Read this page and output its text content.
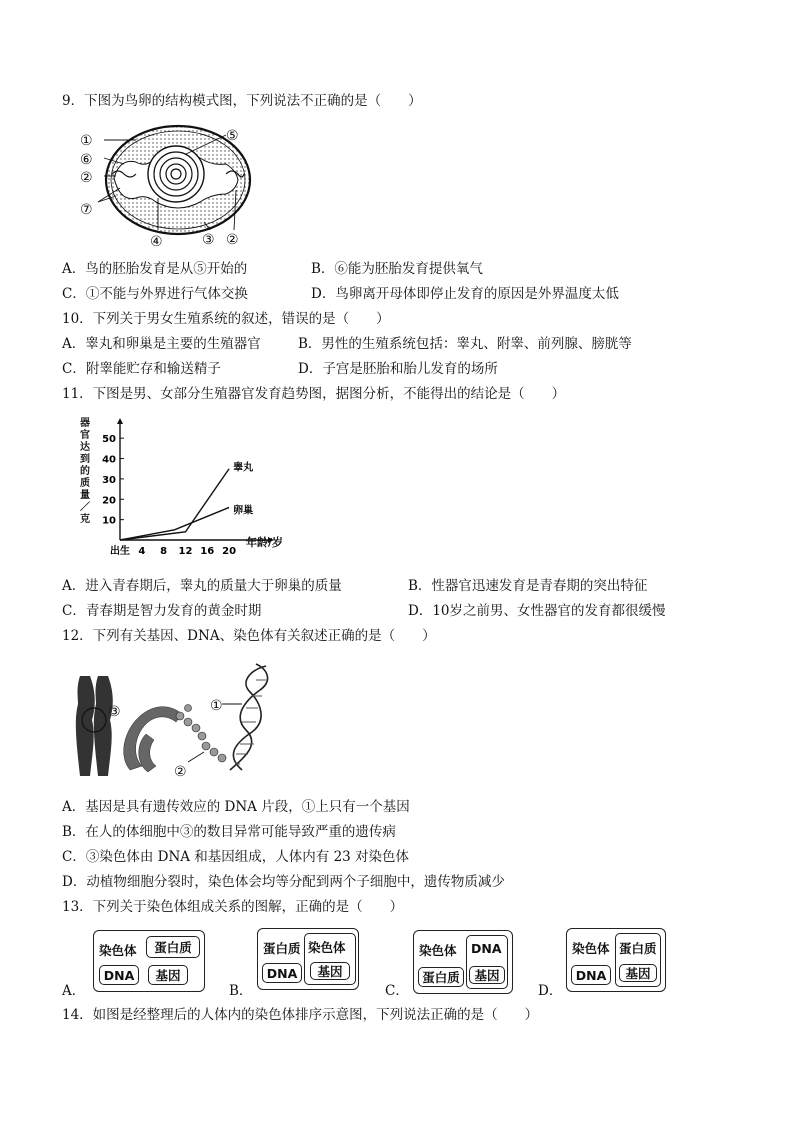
9．下图为鸟卵的结构模式图，下列说法不正确的是（　　）
①
⑥
②
⑦
⑤
④	③ ②
A．鸟的胚胎发育是从⑤开始的	B．⑥能为胚胎发育提供氧气
C．①不能与外界进行气体交换	D．鸟卵离开母体即停止发育的原因是外界温度太低
10．下列关于男女生殖系统的叙述，错误的是（　　）
A．睾丸和卵巢是主要的生殖器官	B．男性的生殖系统包括：睾丸、附睾、前列腺、膀胱等
C．附睾能贮存和输送精子	D．子宫是胚胎和胎儿发育的场所
11．下图是男、女部分生殖器官发育趋势图，据图分析，不能得出的结论是（　　）
器官达到的质量／克 10
20
30
40
50
出生 4 8 12 16 20
睾丸
卵巢
年龄/岁
A．进入青春期后，睾丸的质量大于卵巢的质量	B．性器官迅速发育是青春期的突出特征
C．青春期是智力发育的黄金时期	D．10岁之前男、女性器官的发育都很缓慢
12．下列有关基因、DNA、染色体有关叙述正确的是（　　）
③	①
②
A．基因是具有遗传效应的 DNA 片段，①上只有一个基因
B．在人的体细胞中③的数目异常可能导致严重的遗传病
C．③染色体由 DNA 和基因组成，人体内有 23 对染色体
D．动植物细胞分裂时，染色体会均等分配到两个子细胞中，遗传物质减少
13．下列关于染色体组成关系的图解，正确的是（　　）
A．
染色体	蛋白质
DNA	基因
B．
蛋白质 染色体
基因
DNA
C．
染色体 DNA
基因
蛋白质
D．
染色体 蛋白质
基因
DNA
14．如图是经整理后的人体内的染色体排序示意图，下列说法正确的是（　　）
